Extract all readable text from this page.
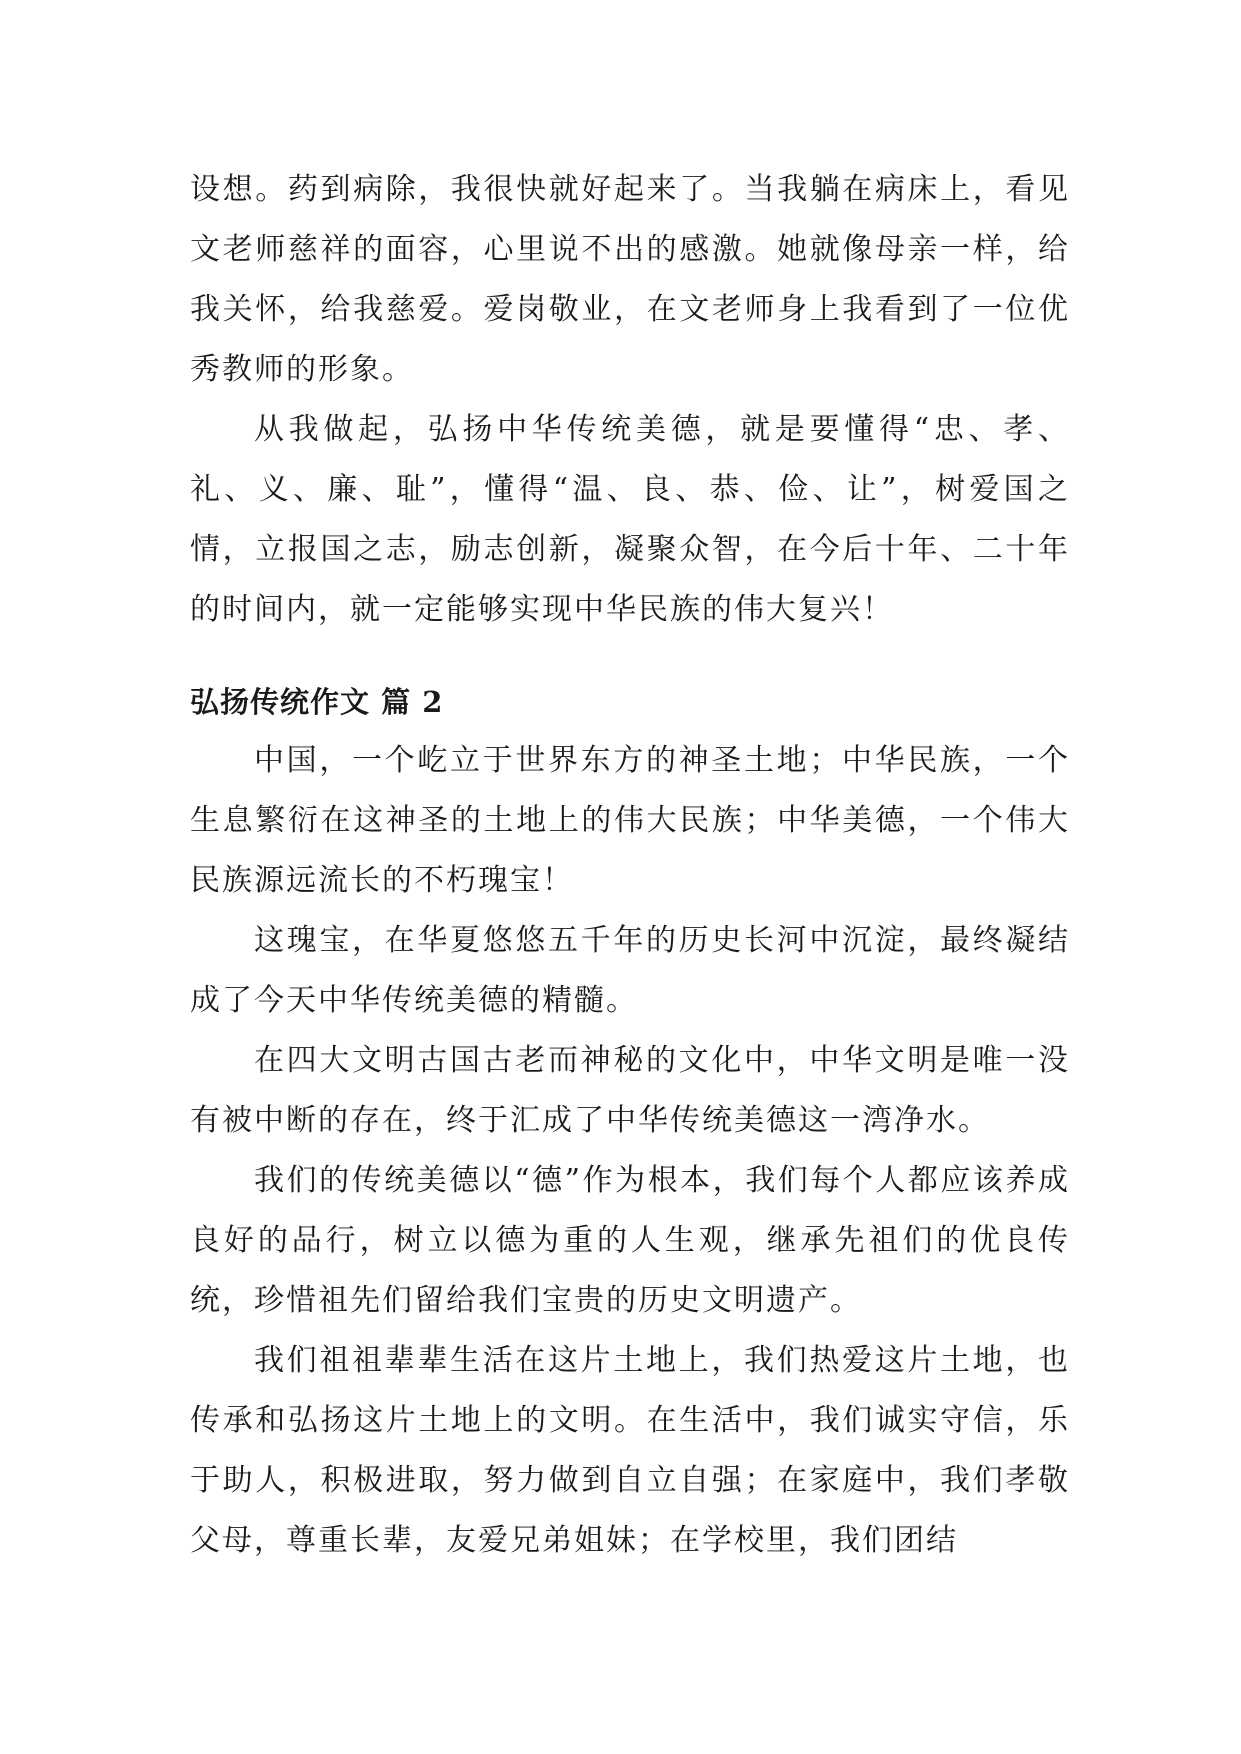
设想。药到病除，我很快就好起来了。当我躺在病床上，看见文老师慈祥的面容，心里说不出的感激。她就像母亲一样，给我关怀，给我慈爱。爱岗敬业，在文老师身上我看到了一位优秀教师的形象。

从我做起，弘扬中华传统美德，就是要懂得“忠、孝、礼、义、廉、耻”，懂得“温、良、恭、俭、让”，树爱国之情，立报国之志，励志创新，凝聚众智，在今后十年、二十年的时间内，就一定能够实现中华民族的伟大复兴！

弘扬传统作文 篇 2

中国，一个屹立于世界东方的神圣土地；中华民族，一个生息繁衍在这神圣的土地上的伟大民族；中华美德，一个伟大民族源远流长的不朽瑰宝！

这瑰宝，在华夏悠悠五千年的历史长河中沉淀，最终凝结成了今天中华传统美德的精髓。

在四大文明古国古老而神秘的文化中，中华文明是唯一没有被中断的存在，终于汇成了中华传统美德这一湾净水。

我们的传统美德以“德”作为根本，我们每个人都应该养成良好的品行，树立以德为重的人生观，继承先祖们的优良传统，珍惜祖先们留给我们宝贵的历史文明遗产。

我们祖祖辈辈生活在这片土地上，我们热爱这片土地，也传承和弘扬这片土地上的文明。在生活中，我们诚实守信，乐于助人，积极进取，努力做到自立自强；在家庭中，我们孝敬父母，尊重长辈，友爱兄弟姐妹；在学校里，我们团结
